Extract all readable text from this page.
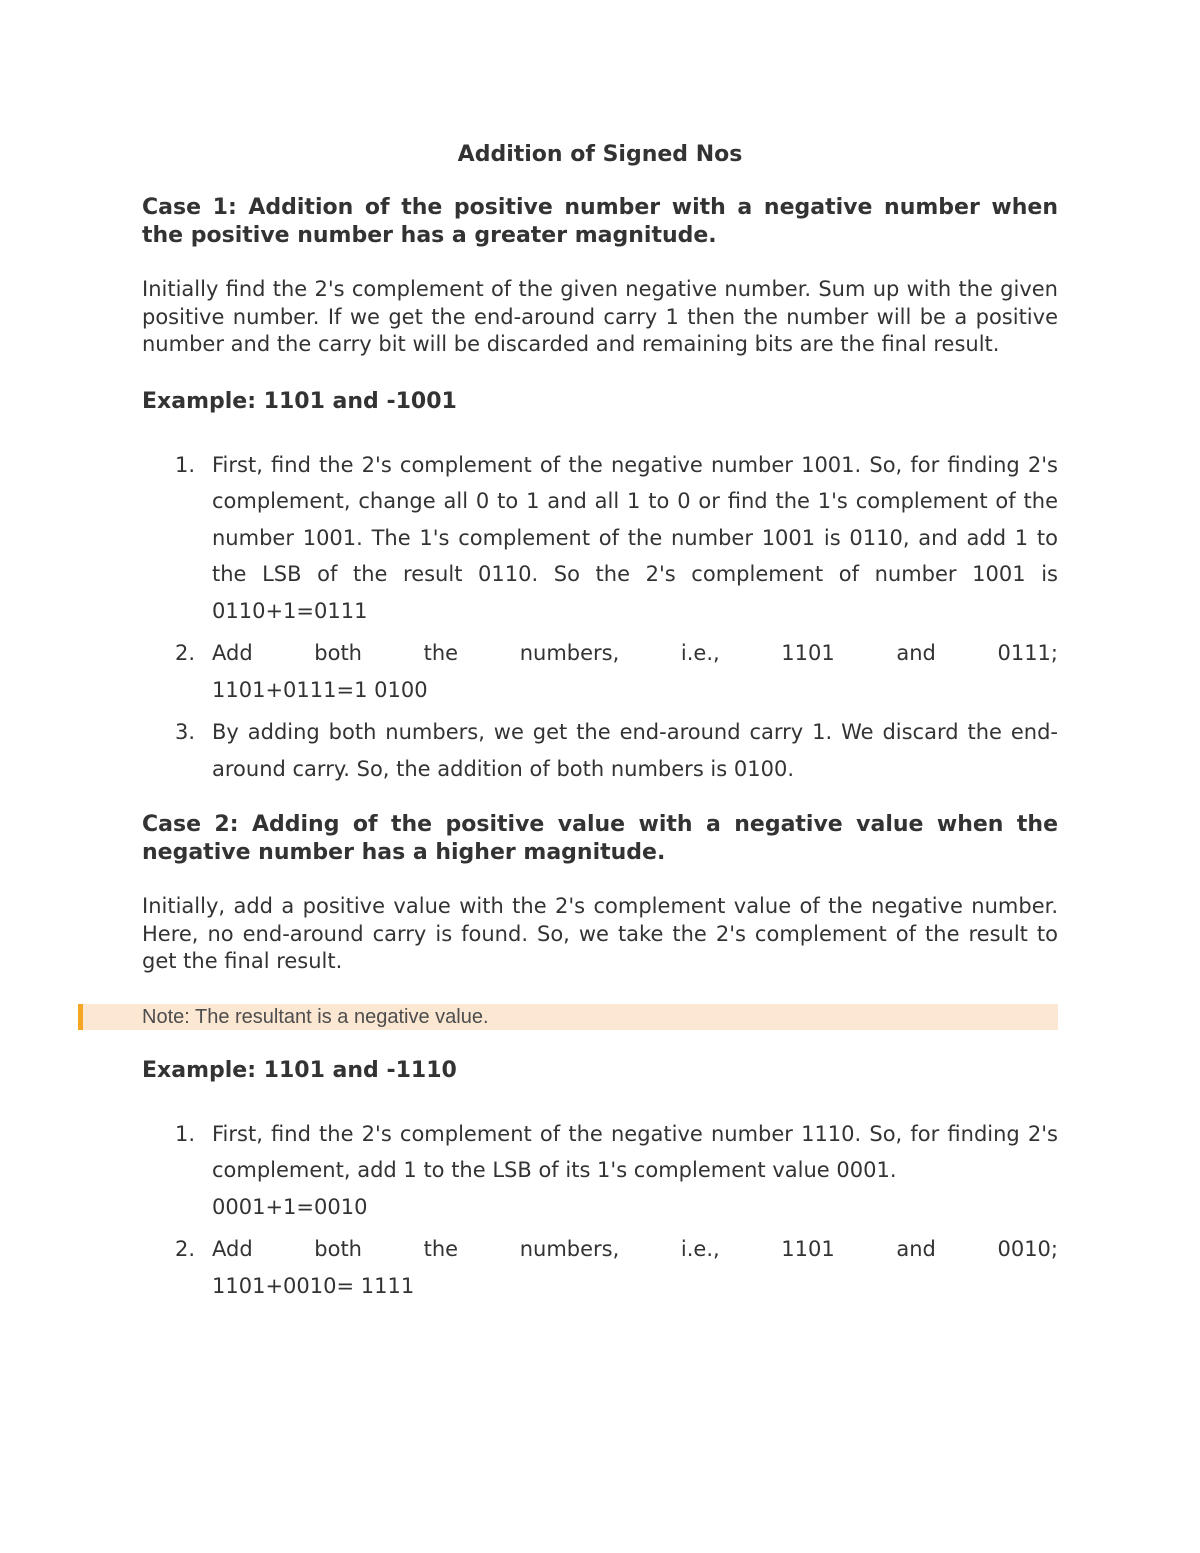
Addition of Signed Nos
Case 1: Addition of the positive number with a negative number when the positive number has a greater magnitude.
Initially find the 2's complement of the given negative number. Sum up with the given positive number. If we get the end-around carry 1 then the number will be a positive number and the carry bit will be discarded and remaining bits are the final result.
Example: 1101 and -1001
1. First, find the 2's complement of the negative number 1001. So, for finding 2's complement, change all 0 to 1 and all 1 to 0 or find the 1's complement of the number 1001. The 1's complement of the number 1001 is 0110, and add 1 to the LSB of the result 0110. So the 2's complement of number 1001 is 0110+1=0111
2. Add both the numbers, i.e., 1101 and 0111;
1101+0111=1 0100
3. By adding both numbers, we get the end-around carry 1. We discard the end-around carry. So, the addition of both numbers is 0100.
Case 2: Adding of the positive value with a negative value when the negative number has a higher magnitude.
Initially, add a positive value with the 2's complement value of the negative number. Here, no end-around carry is found. So, we take the 2's complement of the result to get the final result.
Note: The resultant is a negative value.
Example: 1101 and -1110
1. First, find the 2's complement of the negative number 1110. So, for finding 2's complement, add 1 to the LSB of its 1's complement value 0001.
0001+1=0010
2. Add both the numbers, i.e., 1101 and 0010;
1101+0010= 1111
